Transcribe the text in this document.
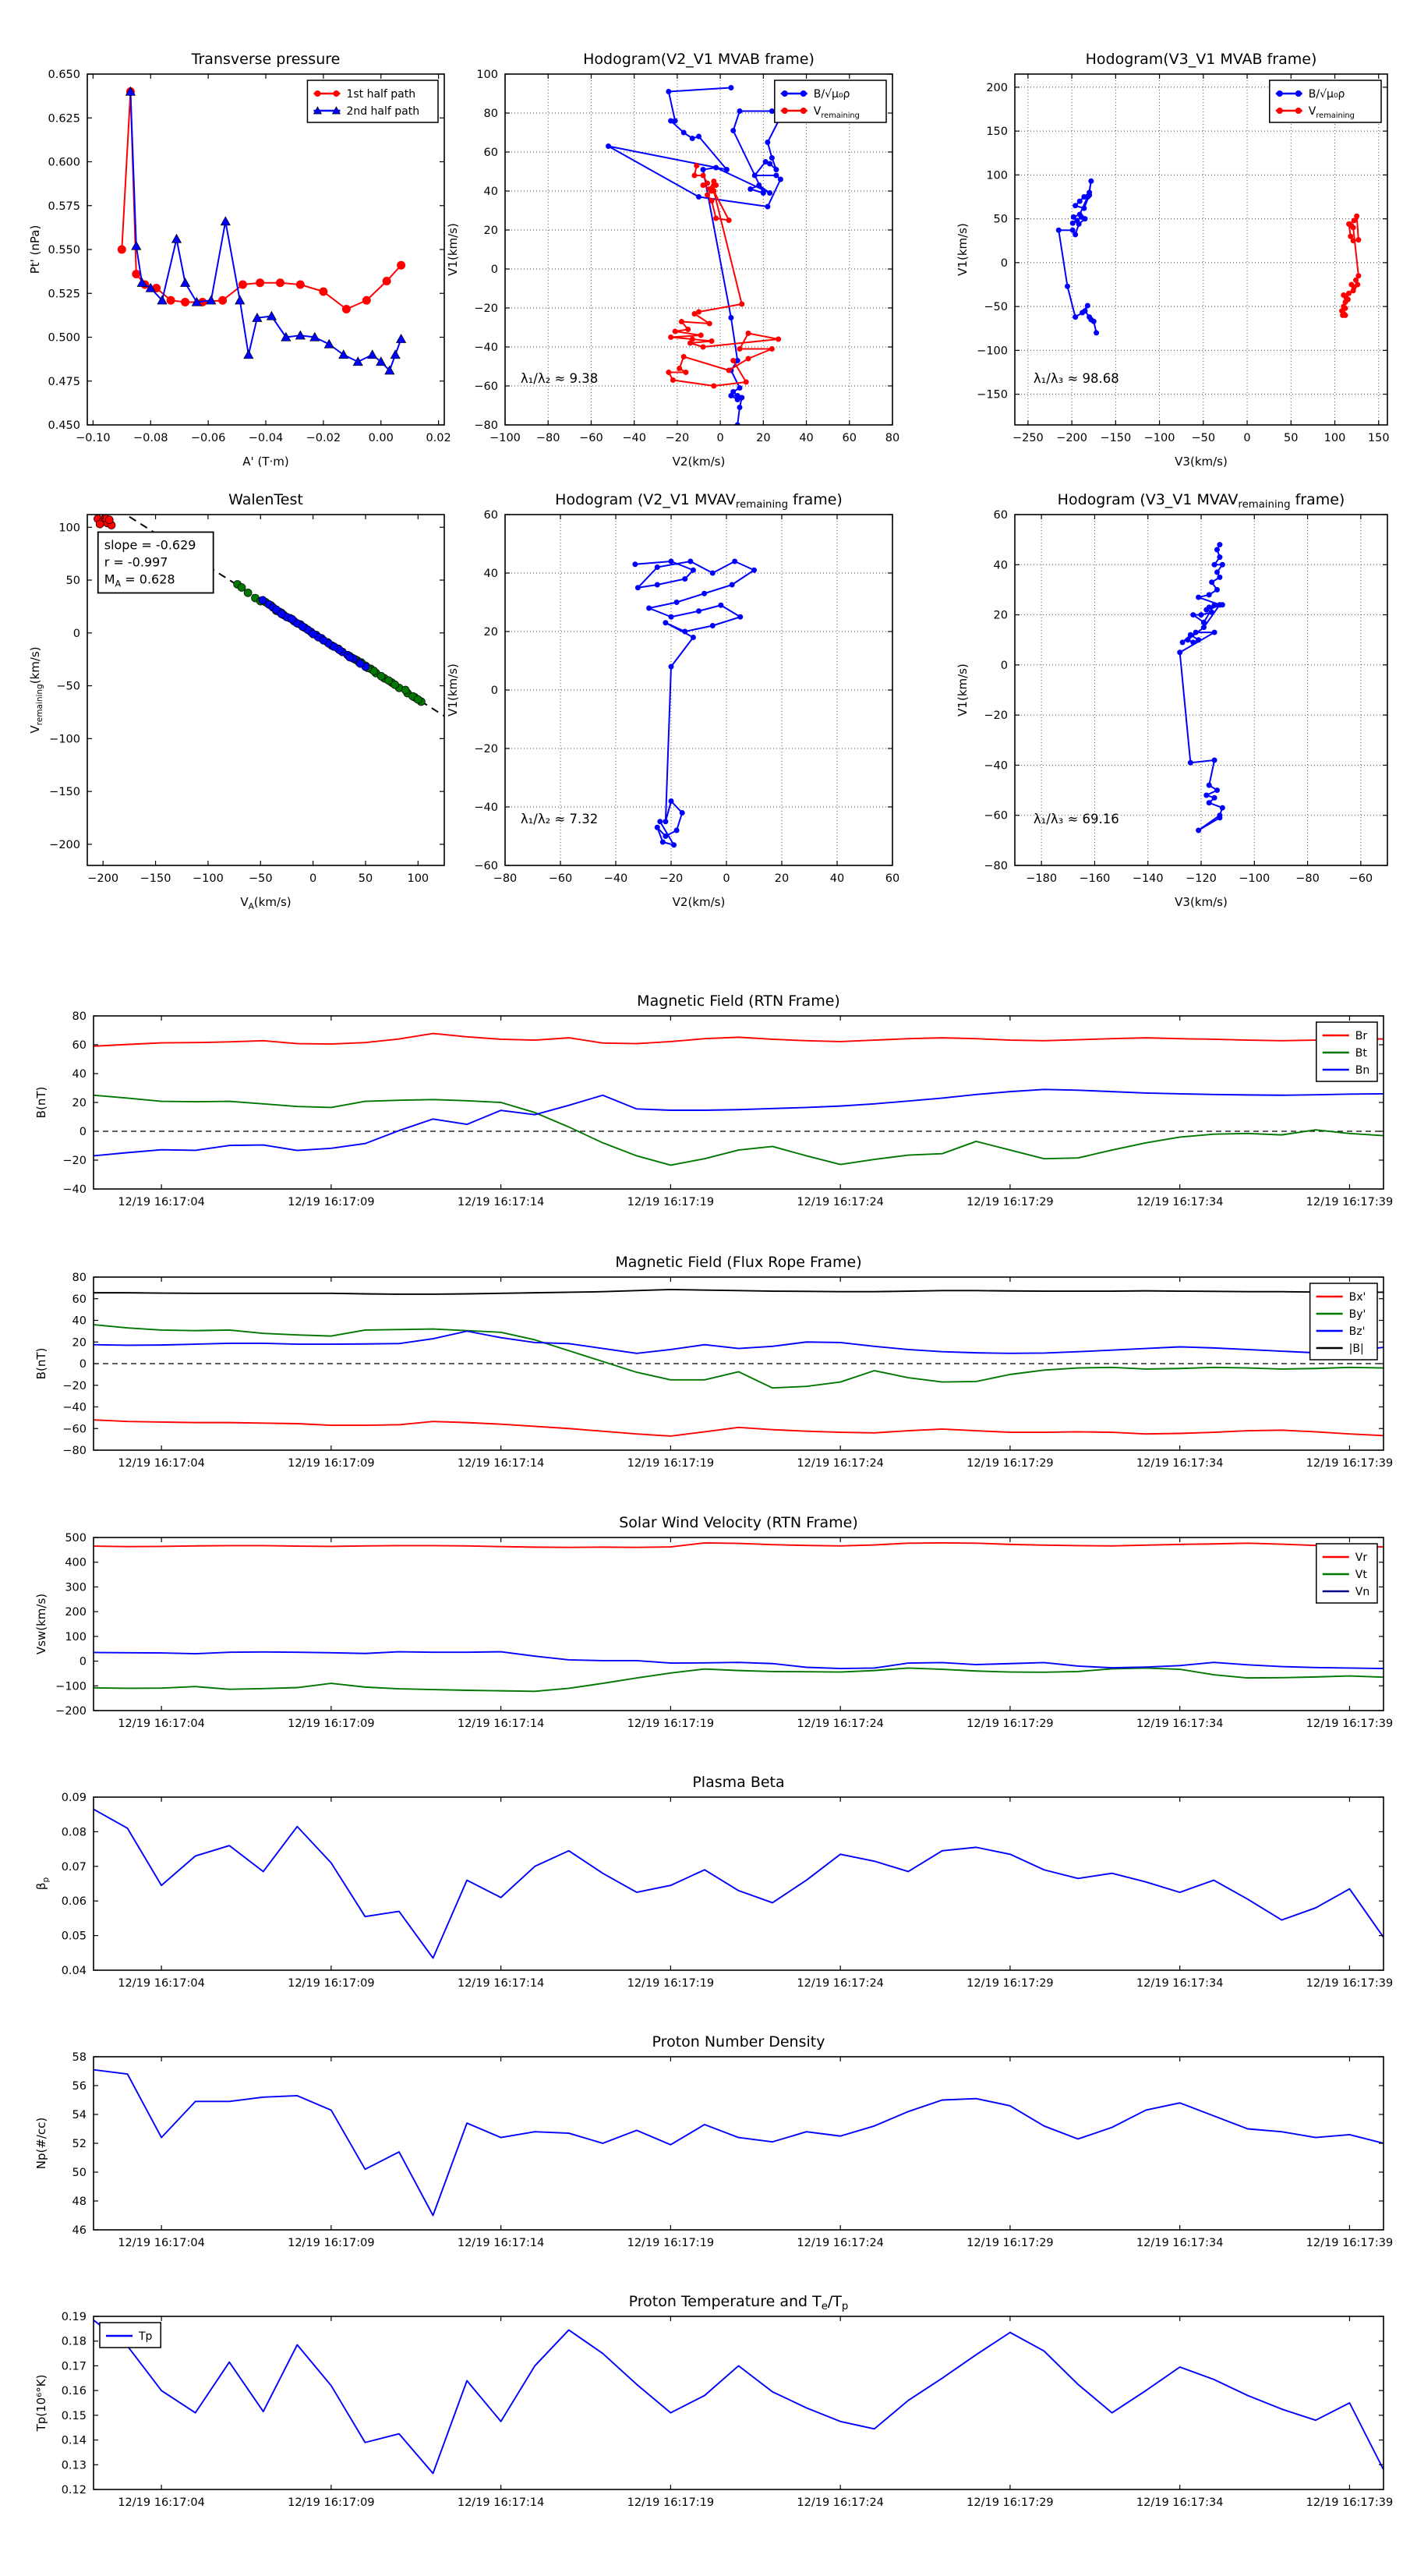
−0.10 −0.08 −0.06 −0.04 −0.02 0.00	0.02
0.450
0.475
0.500
0.525
0.550
0.575
0.600
0.625
0.650
Transverse pressure
A' (T·m)
Pt' (nPa)
1st half path
2nd half path
−100 −80 −60 −40 −20 0	20	40	60	80
−80
−60
−40
−20
0
20
40
60
80
100
Hodogram(V2_V1 MVAB frame)
V2(km/s)
V1(km/s)
B/√μ₀ρ
$V_{remaining}$
λ₁/λ₂ ≈ 9.38
−250 −200 −150 −100 −50	0	50 100 150
−150
−100
−50
0
50
100
150
200
Hodogram(V3_V1 MVAB frame)
V3(km/s)
V1(km/s)
B/√μ₀ρ
$V_{remaining}$
λ₁/λ₃ ≈ 98.68
−200 −150 −100 −50	0	50	100
−200
−150
−100
−50
0
50
100
WalenTest
$V_A(km/s)$
$V_{remaining}(km/s)$
slope = -0.629
r = -0.997
$M_A = 0.628$
−80	−60	−40	−20	0	20	40	60
−60
−40
−20
0
20
40
60
Hodogram (V2_V1 $MVAV_{remaining}$ frame)
V2(km/s)
V1(km/s)
λ₁/λ₂ ≈ 7.32
−180 −160 −140 −120 −100 −80	−60
−80
−60
−40
−20
0
20
40
60
Hodogram (V3_V1 $MVAV_{remaining}$ frame)
V3(km/s)
V1(km/s)
λ₁/λ₃ ≈ 69.16
12/19 16:17:04	12/19 16:17:09	12/19 16:17:14	12/19 16:17:19	12/19 16:17:24	12/19 16:17:29	12/19 16:17:34	12/19 16:17:39
−40
−20
0
20
40
60
80
Magnetic Field (RTN Frame)
B(nT)
Br
Bt
Bn
12/19 16:17:04	12/19 16:17:09	12/19 16:17:14	12/19 16:17:19	12/19 16:17:24	12/19 16:17:29	12/19 16:17:34	12/19 16:17:39
−80
−60
−40
−20
0
20
40
60
80
Magnetic Field (Flux Rope Frame)
B(nT)
Bx'
By'
Bz'
|B|
12/19 16:17:04	12/19 16:17:09	12/19 16:17:14	12/19 16:17:19	12/19 16:17:24	12/19 16:17:29	12/19 16:17:34	12/19 16:17:39
−200
−100
0
100
200
300
400
500
Solar Wind Velocity (RTN Frame)
Vsw(km/s)
Vr
Vt
Vn
12/19 16:17:04	12/19 16:17:09	12/19 16:17:14	12/19 16:17:19	12/19 16:17:24	12/19 16:17:29	12/19 16:17:34	12/19 16:17:39
0.04
0.05
0.06
0.07
0.08
0.09
Plasma Beta
$\beta_p$
12/19 16:17:04	12/19 16:17:09	12/19 16:17:14	12/19 16:17:19	12/19 16:17:24	12/19 16:17:29	12/19 16:17:34	12/19 16:17:39
46
48
50
52
54
56
58
Proton Number Density
Np(#/cc)
12/19 16:17:04	12/19 16:17:09	12/19 16:17:14	12/19 16:17:19	12/19 16:17:24	12/19 16:17:29	12/19 16:17:34	12/19 16:17:39
0.12
0.13
0.14
0.15
0.16
0.17
0.18
0.19
Proton Temperature and $T_e/T_p$
Tp(10⁶°K)
Tp
